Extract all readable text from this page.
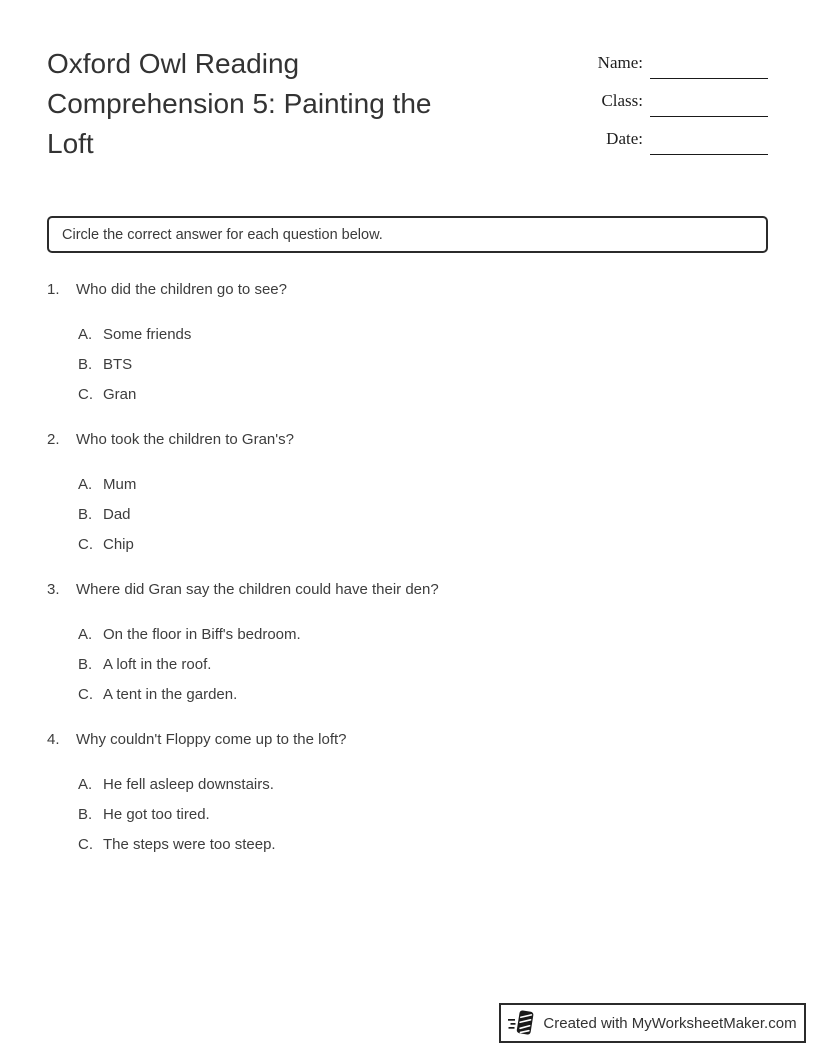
Oxford Owl Reading
Comprehension 5: Painting the
Loft
Name:
Class:
Date:
Circle the correct answer for each question below.
1.	Who did the children go to see?
A. Some friends
B. BTS
C. Gran
2.	Who took the children to Gran's?
A. Mum
B. Dad
C. Chip
3.	Where did Gran say the children could have their den?
A. On the floor in Biff's bedroom.
B. A loft in the roof.
C. A tent in the garden.
4.	Why couldn't Floppy come up to the loft?
A. He fell asleep downstairs.
B. He got too tired.
C. The steps were too steep.
Created with MyWorksheetMaker.com
